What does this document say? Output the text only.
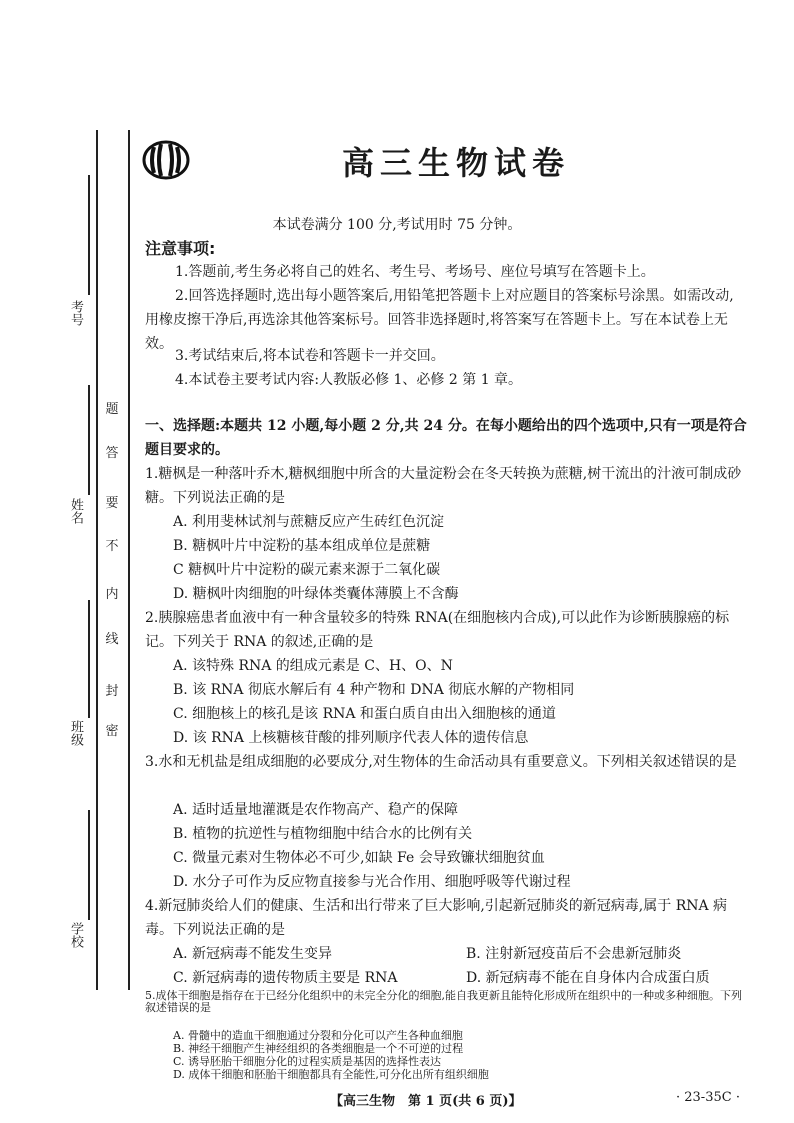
考号
姓名
班级
学校
密
封
线
内
不
要
答
题
高三生物试卷
本试卷满分 100 分,考试用时 75 分钟。
注意事项:
1.答题前,考生务必将自己的姓名、考生号、考场号、座位号填写在答题卡上。
2.回答选择题时,选出每小题答案后,用铅笔把答题卡上对应题目的答案标号涂黑。如需改动,用橡皮擦干净后,再选涂其他答案标号。回答非选择题时,将答案写在答题卡上。写在本试卷上无效。
3.考试结束后,将本试卷和答题卡一并交回。
4.本试卷主要考试内容:人教版必修 1、必修 2 第 1 章。
一、选择题:本题共 12 小题,每小题 2 分,共 24 分。在每小题给出的四个选项中,只有一项是符合题目要求的。
1.糖枫是一种落叶乔木,糖枫细胞中所含的大量淀粉会在冬天转换为蔗糖,树干流出的汁液可制成砂糖。下列说法正确的是
A. 利用斐林试剂与蔗糖反应产生砖红色沉淀
B. 糖枫叶片中淀粉的基本组成单位是蔗糖
C 糖枫叶片中淀粉的碳元素来源于二氧化碳
D. 糖枫叶肉细胞的叶绿体类囊体薄膜上不含酶
2.胰腺癌患者血液中有一种含量较多的特殊 RNA(在细胞核内合成),可以此作为诊断胰腺癌的标记。下列关于 RNA 的叙述,正确的是
A. 该特殊 RNA 的组成元素是 C、H、O、N
B. 该 RNA 彻底水解后有 4 种产物和 DNA 彻底水解的产物相同
C. 细胞核上的核孔是该 RNA 和蛋白质自由出入细胞核的通道
D. 该 RNA 上核糖核苷酸的排列顺序代表人体的遗传信息
3.水和无机盐是组成细胞的必要成分,对生物体的生命活动具有重要意义。下列相关叙述错误的是
A. 适时适量地灌溉是农作物高产、稳产的保障
B. 植物的抗逆性与植物细胞中结合水的比例有关
C. 微量元素对生物体必不可少,如缺 Fe 会导致镰状细胞贫血
D. 水分子可作为反应物直接参与光合作用、细胞呼吸等代谢过程
4.新冠肺炎给人们的健康、生活和出行带来了巨大影响,引起新冠肺炎的新冠病毒,属于 RNA 病毒。下列说法正确的是
A. 新冠病毒不能发生变异	B. 注射新冠疫苗后不会患新冠肺炎
C. 新冠病毒的遗传物质主要是 RNA	D. 新冠病毒不能在自身体内合成蛋白质
5.成体干细胞是指存在于已经分化组织中的未完全分化的细胞,能自我更新且能特化形成所在组织中的一种或多种细胞。下列叙述错误的是
A. 骨髓中的造血干细胞通过分裂和分化可以产生各种血细胞
B. 神经干细胞产生神经组织的各类细胞是一个不可逆的过程
C. 诱导胚胎干细胞分化的过程实质是基因的选择性表达
D. 成体干细胞和胚胎干细胞都具有全能性,可分化出所有组织细胞
【高三生物　第 1 页(共 6 页)】	· 23-35C ·
